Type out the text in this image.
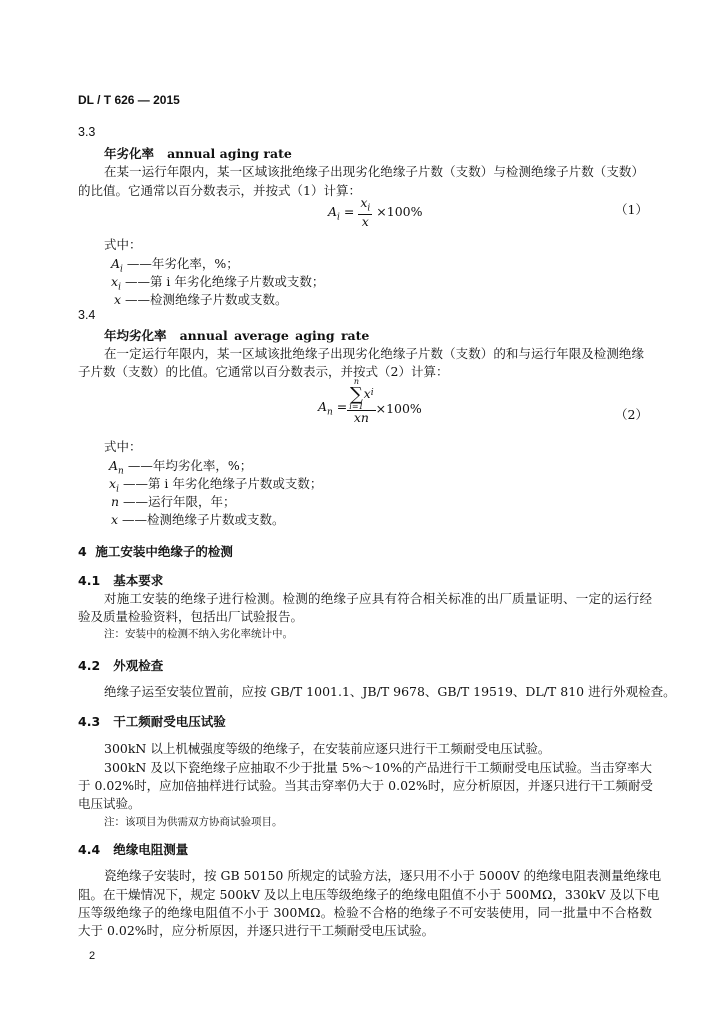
DL / T 626 — 2015
3.3
年劣化率 annual aging rate
在某一运行年限内，某一区域该批绝缘子出现劣化绝缘子片数（支数）与检测绝缘子片数（支数）
的比值。它通常以百分数表示，并按式（1）计算：
$A_i = \frac{x_i}{x} \times 100\%$	（1）
式中：
$A_i$ ——年劣化率，%；
$x_i$ ——第 i 年劣化绝缘子片数或支数；
x ——检测绝缘子片数或支数。
3.4
年均劣化率 annual average aging rate
在一定运行年限内，某一区域该批绝缘子出现劣化绝缘子片数（支数）的和与运行年限及检测绝缘
子片数（支数）的比值。它通常以百分数表示，并按式（2）计算：
$A_n = n$
∑
i=1
x i
xn ×100%	（2）
式中：
$A_n$ ——年均劣化率，%；
$x_i$ ——第 i 年劣化绝缘子片数或支数；
n ——运行年限，年；
x ——检测绝缘子片数或支数。
4 施工安装中绝缘子的检测
4.1 基本要求
对施工安装的绝缘子进行检测。检测的绝缘子应具有符合相关标准的出厂质量证明、一定的运行经
验及质量检验资料，包括出厂试验报告。
注：安装中的检测不纳入劣化率统计中。
4.2 外观检查
绝缘子运至安装位置前，应按 GB/T 1001.1、JB/T 9678、GB/T 19519、DL/T 810 进行外观检查。
4.3 干工频耐受电压试验
300kN 以上机械强度等级的绝缘子，在安装前应逐只进行干工频耐受电压试验。
300kN 及以下瓷绝缘子应抽取不少于批量 5%～10%的产品进行干工频耐受电压试验。当击穿率大
于 0.02%时，应加倍抽样进行试验。当其击穿率仍大于 0.02%时，应分析原因，并逐只进行干工频耐受
电压试验。
注：该项目为供需双方协商试验项目。
4.4 绝缘电阻测量
瓷绝缘子安装时，按 GB 50150 所规定的试验方法，逐只用不小于 5000V 的绝缘电阻表测量绝缘电
阻。在干燥情况下，规定 500kV 及以上电压等级绝缘子的绝缘电阻值不小于 500MΩ，330kV 及以下电
压等级绝缘子的绝缘电阻值不小于 300MΩ。检验不合格的绝缘子不可安装使用，同一批量中不合格数
大于 0.02%时，应分析原因，并逐只进行干工频耐受电压试验。
2
